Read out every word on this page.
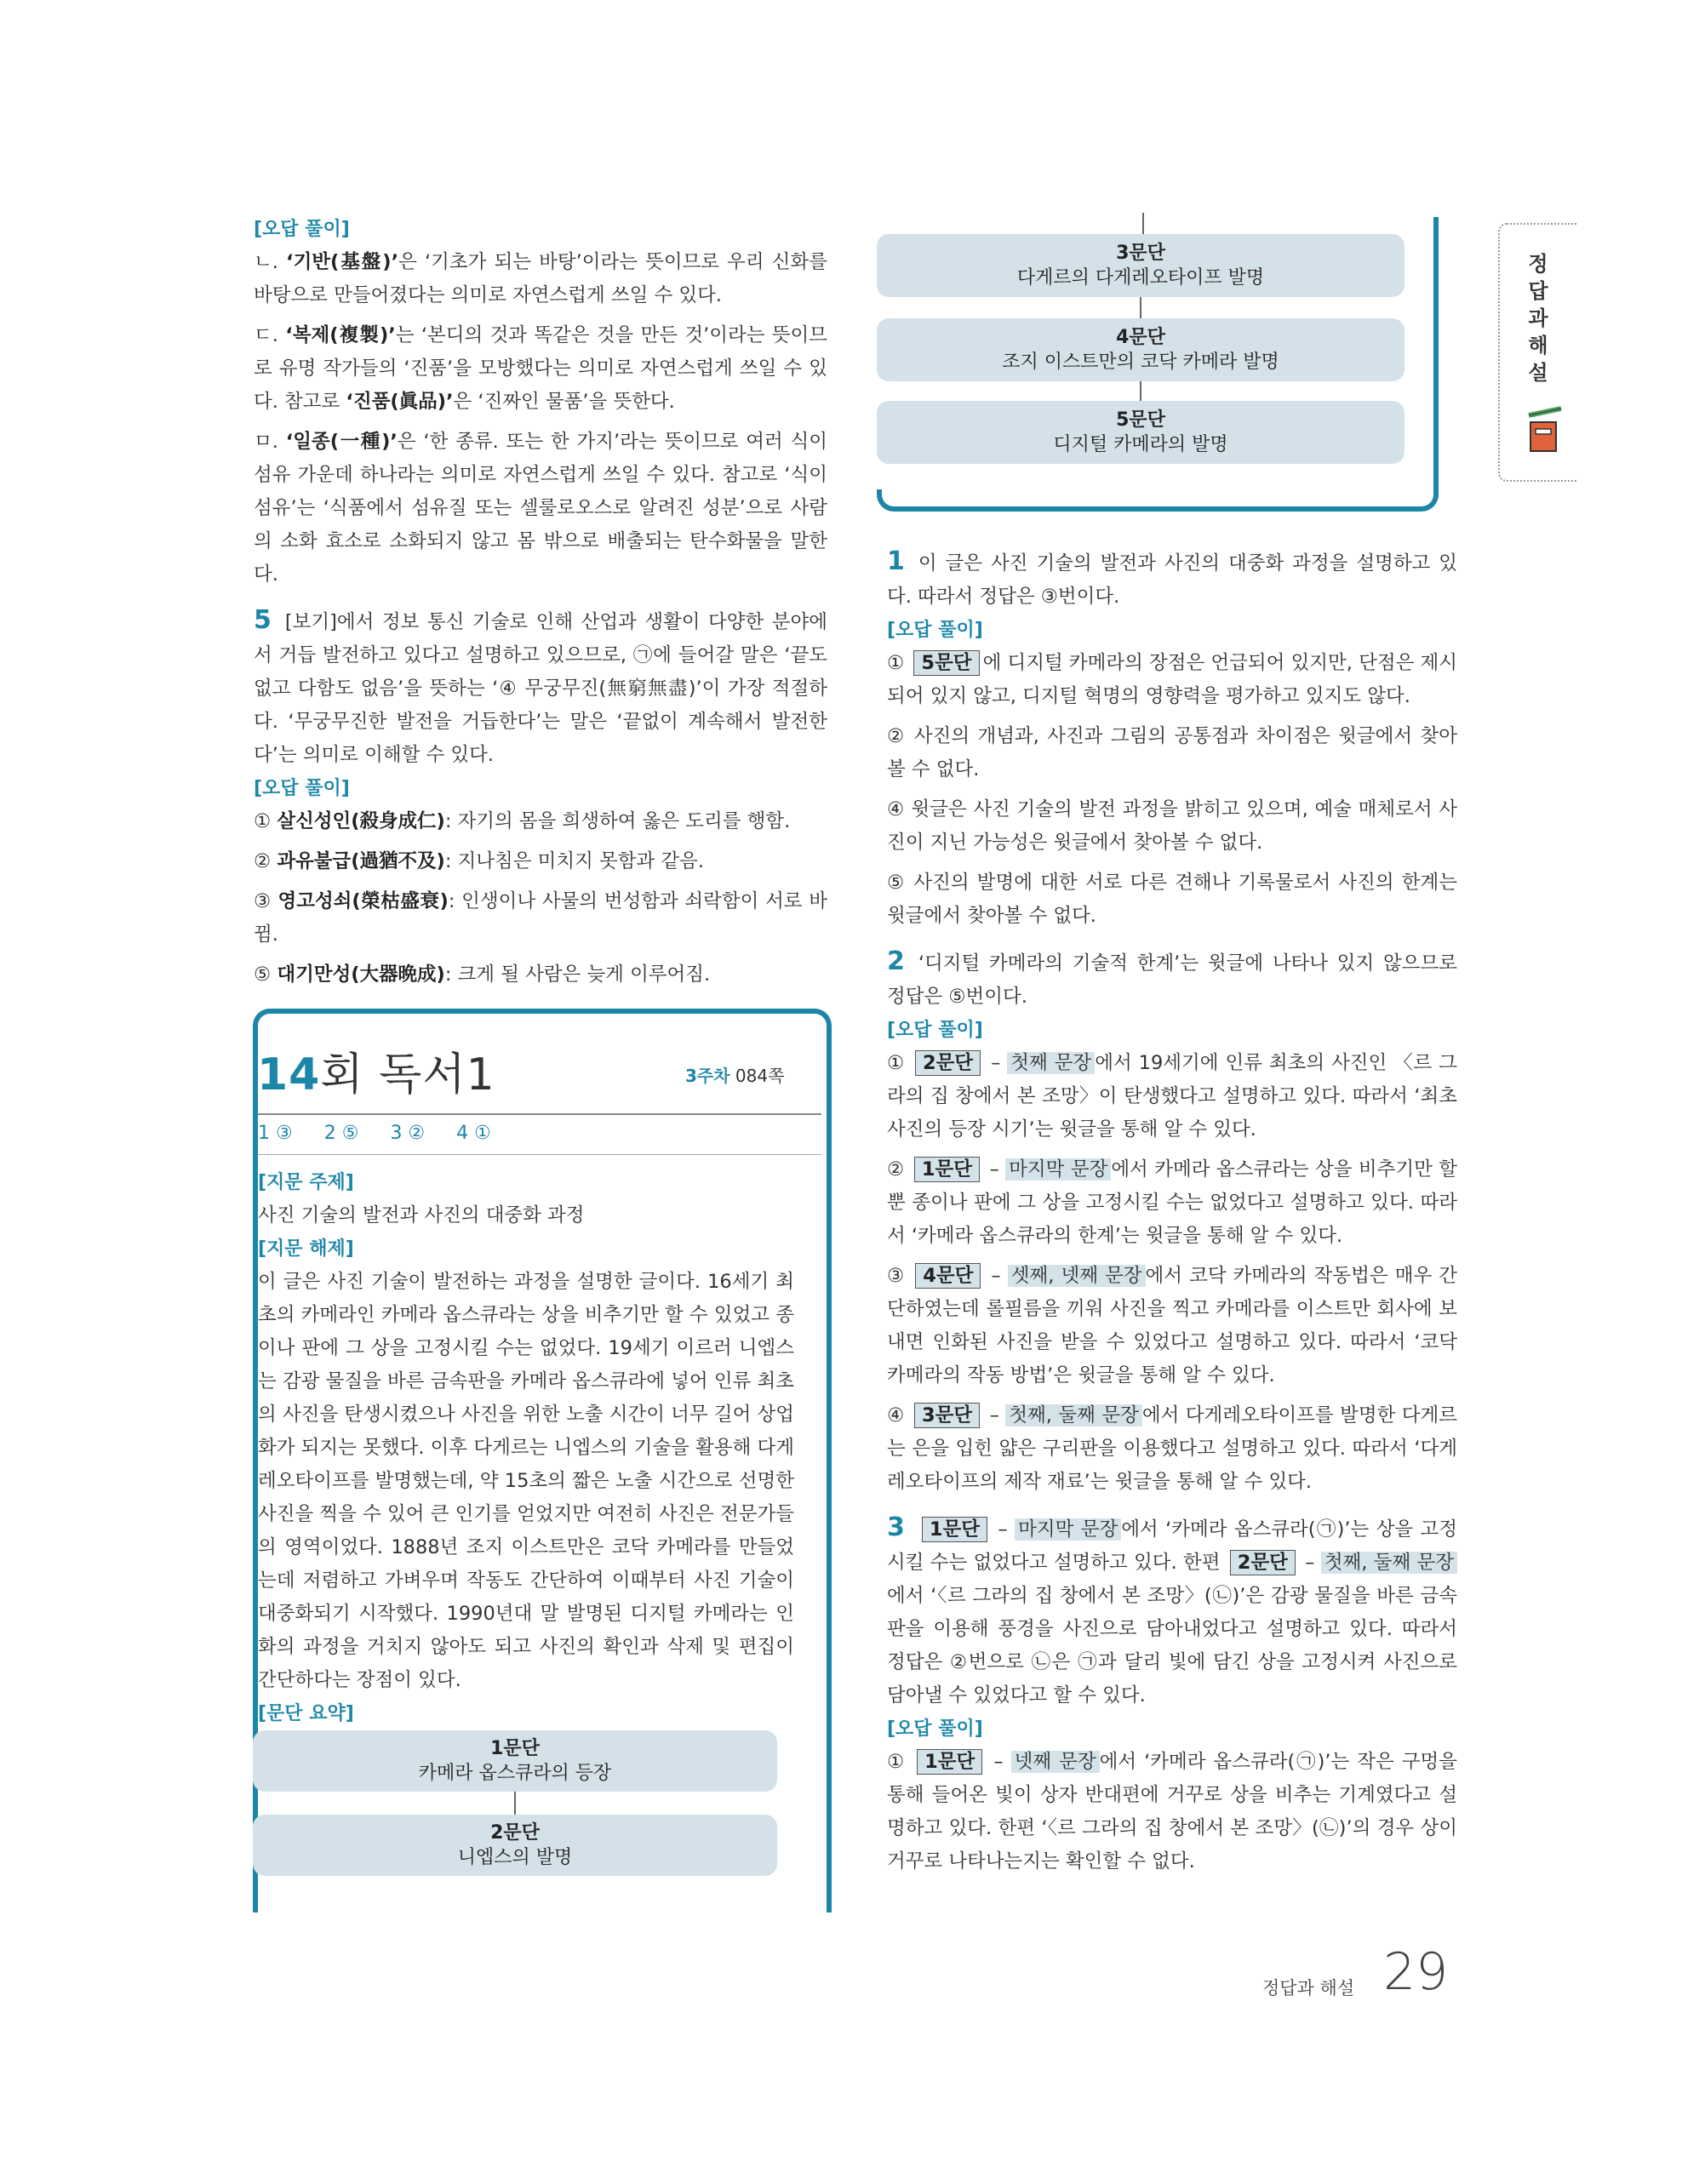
[오답 풀이]

ㄴ. ‘기반(基盤)’은 ‘기초가 되는 바탕’이라는 뜻이므로 우리 신화를 바탕으로 만들어졌다는 의미로 자연스럽게 쓰일 수 있다.

ㄷ. ‘복제(複製)’는 ‘본디의 것과 똑같은 것을 만든 것’이라는 뜻이므로 유명 작가들의 ‘진품’을 모방했다는 의미로 자연스럽게 쓰일 수 있다. 참고로 ‘진품(眞品)’은 ‘진짜인 물품’을 뜻한다.

ㅁ. ‘일종(一種)’은 ‘한 종류. 또는 한 가지’라는 뜻이므로 여러 식이 섬유 가운데 하나라는 의미로 자연스럽게 쓰일 수 있다. 참고로 ‘식이 섬유’는 ‘식품에서 섬유질 또는 셀룰로오스로 알려진 성분’으로 사람의 소화 효소로 소화되지 않고 몸 밖으로 배출되는 탄수화물을 말한다.

5 [보기]에서 정보 통신 기술로 인해 산업과 생활이 다양한 분야에서 거듭 발전하고 있다고 설명하고 있으므로, ㉠에 들어갈 말은 ‘끝도 없고 다함도 없음’을 뜻하는 ‘④ 무궁무진(無窮無盡)’이 가장 적절하다. ‘무궁무진한 발전을 거듭한다’는 말은 ‘끝없이 계속해서 발전한다’는 의미로 이해할 수 있다.

[오답 풀이]

① 살신성인(殺身成仁): 자기의 몸을 희생하여 옳은 도리를 행함.

② 과유불급(過猶不及): 지나침은 미치지 못함과 같음.

③ 영고성쇠(榮枯盛衰): 인생이나 사물의 번성함과 쇠락함이 서로 바뀜.

⑤ 대기만성(大器晩成): 크게 될 사람은 늦게 이루어짐.

14회 독서1	3주차 084쪽
1 ③ 2 ⑤ 3 ② 4 ①

[지문 주제]

사진 기술의 발전과 사진의 대중화 과정

[지문 해제]

이 글은 사진 기술이 발전하는 과정을 설명한 글이다. 16세기 최초의 카메라인 카메라 옵스큐라는 상을 비추기만 할 수 있었고 종이나 판에 그 상을 고정시킬 수는 없었다. 19세기 이르러 니엡스는 감광 물질을 바른 금속판을 카메라 옵스큐라에 넣어 인류 최초의 사진을 탄생시켰으나 사진을 위한 노출 시간이 너무 길어 상업화가 되지는 못했다. 이후 다게르는 니엡스의 기술을 활용해 다게레오타이프를 발명했는데, 약 15초의 짧은 노출 시간으로 선명한 사진을 찍을 수 있어 큰 인기를 얻었지만 여전히 사진은 전문가들의 영역이었다. 1888년 조지 이스트만은 코닥 카메라를 만들었는데 저렴하고 가벼우며 작동도 간단하여 이때부터 사진 기술이 대중화되기 시작했다. 1990년대 말 발명된 디지털 카메라는 인화의 과정을 거치지 않아도 되고 사진의 확인과 삭제 및 편집이 간단하다는 장점이 있다.

[문단 요약]

1문단
카메라 옵스큐라의 등장
2문단
니엡스의 발명
3문단
다게르의 다게레오타이프 발명
4문단
조지 이스트만의 코닥 카메라 발명
5문단
디지털 카메라의 발명

1 이 글은 사진 기술의 발전과 사진의 대중화 과정을 설명하고 있다. 따라서 정답은 ③번이다.

[오답 풀이]

① 5문단 에 디지털 카메라의 장점은 언급되어 있지만, 단점은 제시되어 있지 않고, 디지털 혁명의 영향력을 평가하고 있지도 않다.

② 사진의 개념과, 사진과 그림의 공통점과 차이점은 윗글에서 찾아볼 수 없다.

④ 윗글은 사진 기술의 발전 과정을 밝히고 있으며, 예술 매체로서 사진이 지닌 가능성은 윗글에서 찾아볼 수 없다.

⑤ 사진의 발명에 대한 서로 다른 견해나 기록물로서 사진의 한계는 윗글에서 찾아볼 수 없다.

2 ‘디지털 카메라의 기술적 한계’는 윗글에 나타나 있지 않으므로 정답은 ⑤번이다.

[오답 풀이]

① 2문단 – 첫째 문장 에서 19세기에 인류 최초의 사진인 〈르 그라의 집 창에서 본 조망〉이 탄생했다고 설명하고 있다. 따라서 ‘최초 사진의 등장 시기’는 윗글을 통해 알 수 있다.

② 1문단 – 마지막 문장 에서 카메라 옵스큐라는 상을 비추기만 할 뿐 종이나 판에 그 상을 고정시킬 수는 없었다고 설명하고 있다. 따라서 ‘카메라 옵스큐라의 한계’는 윗글을 통해 알 수 있다.

③ 4문단 – 셋째, 넷째 문장 에서 코닥 카메라의 작동법은 매우 간단하였는데 롤필름을 끼워 사진을 찍고 카메라를 이스트만 회사에 보내면 인화된 사진을 받을 수 있었다고 설명하고 있다. 따라서 ‘코닥 카메라의 작동 방법’은 윗글을 통해 알 수 있다.

④ 3문단 – 첫째, 둘째 문장 에서 다게레오타이프를 발명한 다게르는 은을 입힌 얇은 구리판을 이용했다고 설명하고 있다. 따라서 ‘다게레오타이프의 제작 재료’는 윗글을 통해 알 수 있다.

3 1문단 – 마지막 문장 에서 ‘카메라 옵스큐라(㉠)’는 상을 고정시킬 수는 없었다고 설명하고 있다. 한편 2문단 – 첫째, 둘째 문장에서 ‘〈르 그라의 집 창에서 본 조망〉(㉡)’은 감광 물질을 바른 금속판을 이용해 풍경을 사진으로 담아내었다고 설명하고 있다. 따라서 정답은 ②번으로 ㉡은 ㉠과 달리 빛에 담긴 상을 고정시켜 사진으로 담아낼 수 있었다고 할 수 있다.

[오답 풀이]

① 1문단 – 넷째 문장 에서 ‘카메라 옵스큐라(㉠)’는 작은 구멍을 통해 들어온 빛이 상자 반대편에 거꾸로 상을 비추는 기계였다고 설명하고 있다. 한편 ‘〈르 그라의 집 창에서 본 조망〉(㉡)’의 경우 상이 거꾸로 나타나는지는 확인할 수 없다.

정답과해설
정답과 해설 29
